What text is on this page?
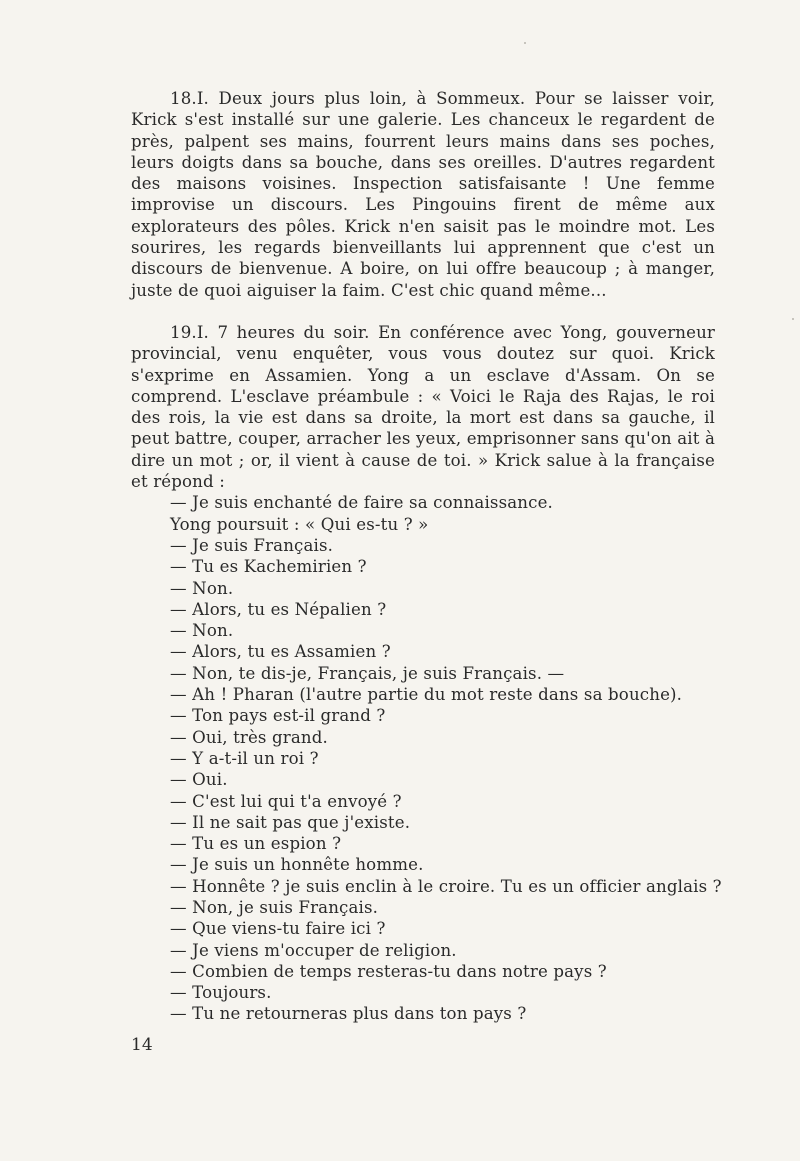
18.I. Deux jours plus loin, à Sommeux. Pour se laisser voir, Krick s'est installé sur une galerie. Les chanceux le regardent de près, palpent ses mains, fourrent leurs mains dans ses poches, leurs doigts dans sa bouche, dans ses oreilles. D'autres regardent des maisons voisines. Inspection satisfaisante ! Une femme improvise un discours. Les Pingouins firent de même aux explorateurs des pôles. Krick n'en saisit pas le moindre mot. Les sourires, les regards bienveillants lui apprennent que c'est un discours de bienvenue. A boire, on lui offre beaucoup ; à manger, juste de quoi aiguiser la faim. C'est chic quand même...

19.I. 7 heures du soir. En conférence avec Yong, gouverneur provincial, venu enquêter, vous vous doutez sur quoi. Krick s'exprime en Assamien. Yong a un esclave d'Assam. On se comprend. L'esclave préambule : « Voici le Raja des Rajas, le roi des rois, la vie est dans sa droite, la mort est dans sa gauche, il peut battre, couper, arracher les yeux, emprisonner sans qu'on ait à dire un mot ; or, il vient à cause de toi. » Krick salue à la française et répond :

— Je suis enchanté de faire sa connaissance.
Yong poursuit : « Qui es-tu ? »
— Je suis Français.
— Tu es Kachemirien ?
— Non.
— Alors, tu es Népalien ?
— Non.
— Alors, tu es Assamien ?
— Non, te dis-je, Français, je suis Français. —
— Ah ! Pharan (l'autre partie du mot reste dans sa bouche).
— Ton pays est-il grand ?
— Oui, très grand.
— Y a-t-il un roi ?
— Oui.
— C'est lui qui t'a envoyé ?
— Il ne sait pas que j'existe.
— Tu es un espion ?
— Je suis un honnête homme.
— Honnête ? je suis enclin à le croire. Tu es un officier anglais ?
— Non, je suis Français.
— Que viens-tu faire ici ?
— Je viens m'occuper de religion.
— Combien de temps resteras-tu dans notre pays ?
— Toujours.
— Tu ne retourneras plus dans ton pays ?
14
